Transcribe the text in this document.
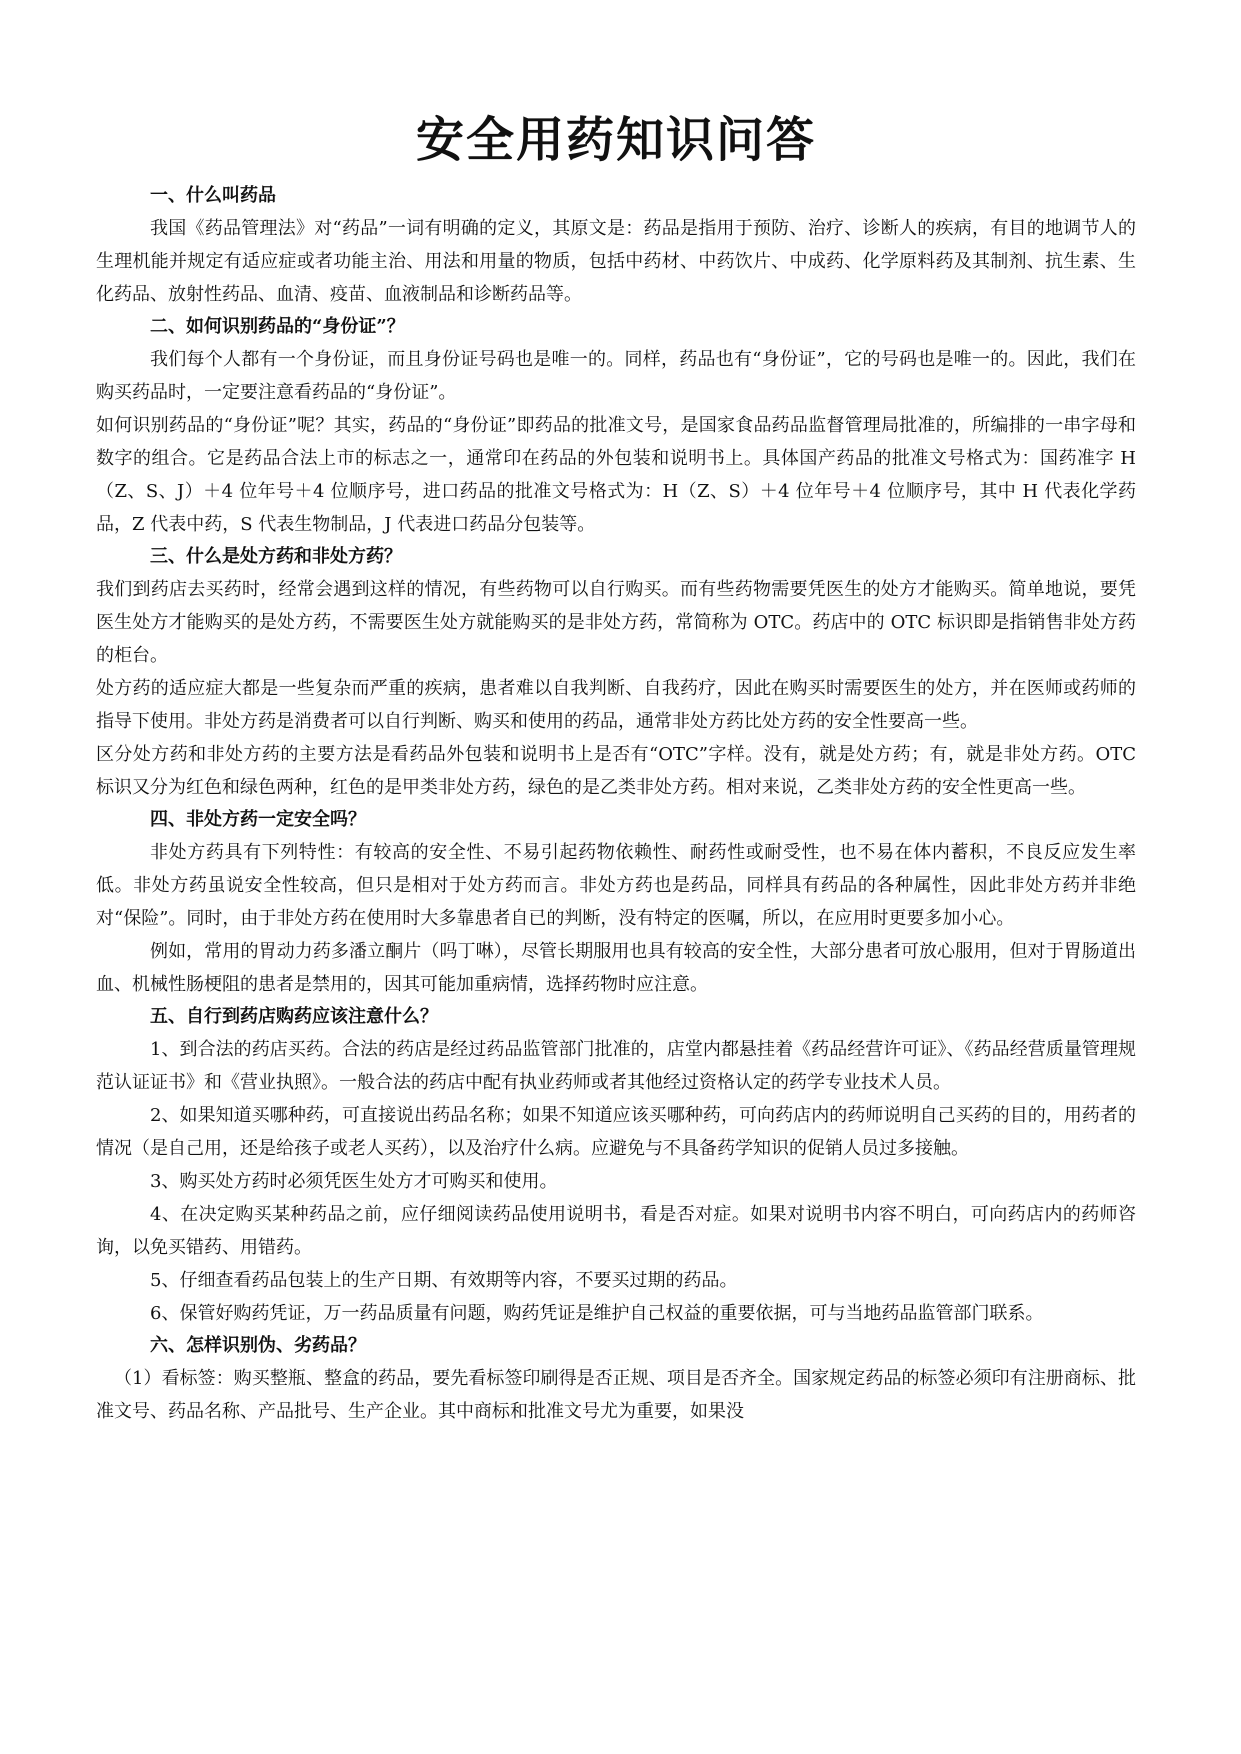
安全用药知识问答

一、什么叫药品

我国《药品管理法》对“药品”一词有明确的定义，其原文是：药品是指用于预防、治疗、诊断人的疾病，有目的地调节人的生理机能并规定有适应症或者功能主治、用法和用量的物质，包括中药材、中药饮片、中成药、化学原料药及其制剂、抗生素、生化药品、放射性药品、血清、疫苗、血液制品和诊断药品等。

二、如何识别药品的“身份证”？

我们每个人都有一个身份证，而且身份证号码也是唯一的。同样，药品也有“身份证”，它的号码也是唯一的。因此，我们在购买药品时，一定要注意看药品的“身份证”。

如何识别药品的“身份证”呢？其实，药品的“身份证”即药品的批准文号，是国家食品药品监督管理局批准的，所编排的一串字母和数字的组合。它是药品合法上市的标志之一，通常印在药品的外包装和说明书上。具体国产药品的批准文号格式为：国药准字 H（Z、S、J）＋4 位年号＋4 位顺序号，进口药品的批准文号格式为：H（Z、S）＋4 位年号＋4 位顺序号，其中 H 代表化学药品，Z 代表中药，S 代表生物制品，J 代表进口药品分包装等。

三、什么是处方药和非处方药？

我们到药店去买药时，经常会遇到这样的情况，有些药物可以自行购买。而有些药物需要凭医生的处方才能购买。简单地说，要凭医生处方才能购买的是处方药，不需要医生处方就能购买的是非处方药，常简称为 OTC。药店中的 OTC 标识即是指销售非处方药的柜台。

处方药的适应症大都是一些复杂而严重的疾病，患者难以自我判断、自我药疗，因此在购买时需要医生的处方，并在医师或药师的指导下使用。非处方药是消费者可以自行判断、购买和使用的药品，通常非处方药比处方药的安全性要高一些。

区分处方药和非处方药的主要方法是看药品外包装和说明书上是否有“OTC”字样。没有，就是处方药；有，就是非处方药。OTC 标识又分为红色和绿色两种，红色的是甲类非处方药，绿色的是乙类非处方药。相对来说，乙类非处方药的安全性更高一些。

四、非处方药一定安全吗？

非处方药具有下列特性：有较高的安全性、不易引起药物依赖性、耐药性或耐受性，也不易在体内蓄积，不良反应发生率低。非处方药虽说安全性较高，但只是相对于处方药而言。非处方药也是药品，同样具有药品的各种属性，因此非处方药并非绝对“保险”。同时，由于非处方药在使用时大多靠患者自已的判断，没有特定的医嘱，所以，在应用时更要多加小心。

例如，常用的胃动力药多潘立酮片（吗丁啉），尽管长期服用也具有较高的安全性，大部分患者可放心服用，但对于胃肠道出血、机械性肠梗阻的患者是禁用的，因其可能加重病情，选择药物时应注意。

五、自行到药店购药应该注意什么？

1、到合法的药店买药。合法的药店是经过药品监管部门批准的，店堂内都悬挂着《药品经营许可证》、《药品经营质量管理规范认证证书》和《营业执照》。一般合法的药店中配有执业药师或者其他经过资格认定的药学专业技术人员。

2、如果知道买哪种药，可直接说出药品名称；如果不知道应该买哪种药，可向药店内的药师说明自己买药的目的，用药者的情况（是自己用，还是给孩子或老人买药），以及治疗什么病。应避免与不具备药学知识的促销人员过多接触。

3、购买处方药时必须凭医生处方才可购买和使用。

4、在决定购买某种药品之前，应仔细阅读药品使用说明书，看是否对症。如果对说明书内容不明白，可向药店内的药师咨询，以免买错药、用错药。

5、仔细查看药品包装上的生产日期、有效期等内容，不要买过期的药品。

6、保管好购药凭证，万一药品质量有问题，购药凭证是维护自己权益的重要依据，可与当地药品监管部门联系。

六、怎样识别伪、劣药品？

（1）看标签：购买整瓶、整盒的药品，要先看标签印刷得是否正规、项目是否齐全。国家规定药品的标签必须印有注册商标、批准文号、药品名称、产品批号、生产企业。其中商标和批准文号尤为重要，如果没
